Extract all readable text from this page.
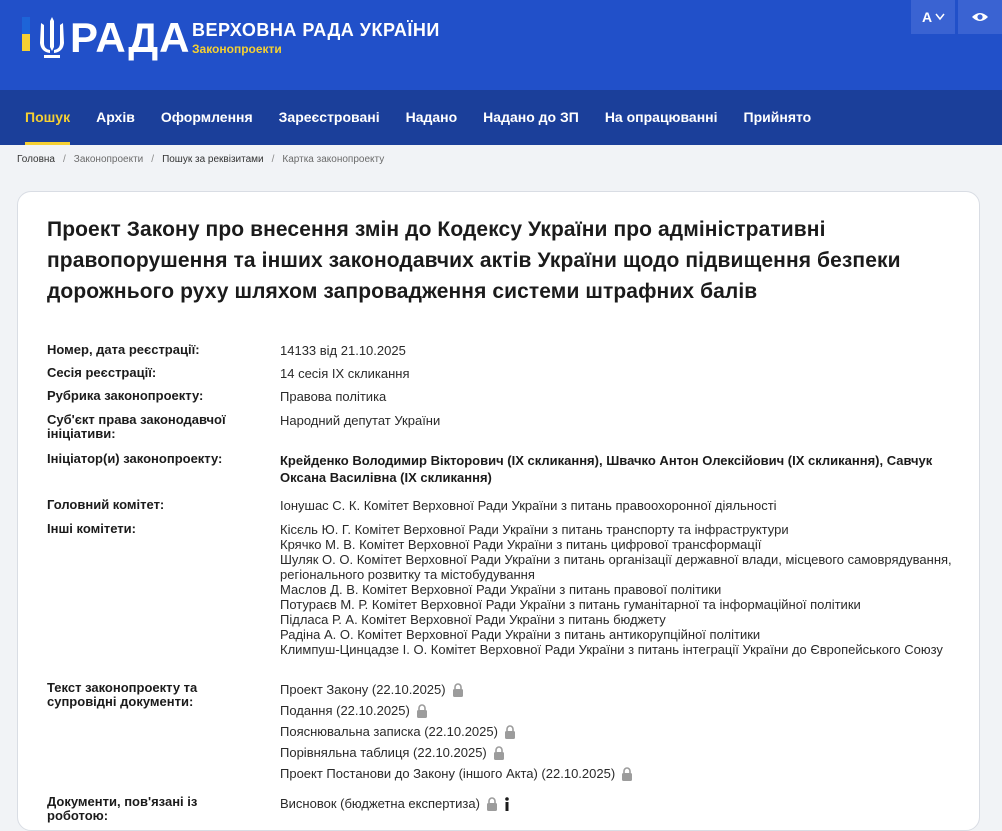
РАДА ВЕРХОВНА РАДА УКРАЇНИ
Законопроекти
A
Пошук	Архів	Оформлення	Зареєстровані	Надано	Надано до ЗП	На опрацюванні	Прийнято
Головна / Законопроекти / Пошук за реквізитами / Картка законопроекту
Проект Закону про внесення змін до Кодексу України про адміністративні правопорушення та інших законодавчих актів України щодо підвищення безпеки дорожнього руху шляхом запровадження системи штрафних балів
Номер, дата реєстрації:	14133 від 21.10.2025
Сесія реєстрації:	14 сесія IX скликання
Рубрика законопроекту:	Правова політика
Суб'єкт права законодавчої ініціативи:
Народний депутат України
Ініціатор(и) законопроекту:	Крейденко Володимир Вікторович (IX скликання), Швачко Антон Олексійович (IX скликання), Савчук Оксана Василівна (IX скликання)
Головний комітет:	Іонушас С. К. Комітет Верховної Ради України з питань правоохоронної діяльності
Інші комітети:	Кісєль Ю. Г. Комітет Верховної Ради України з питань транспорту та інфраструктури
Крячко М. В. Комітет Верховної Ради України з питань цифрової трансформації
Шуляк О. О. Комітет Верховної Ради України з питань організації державної влади, місцевого самоврядування, регіонального розвитку та містобудування
Маслов Д. В. Комітет Верховної Ради України з питань правової політики
Потураєв М. Р. Комітет Верховної Ради України з питань гуманітарної та інформаційної політики
Підласа Р. А. Комітет Верховної Ради України з питань бюджету
Радіна А. О. Комітет Верховної Ради України з питань антикорупційної політики
Климпуш-Цинцадзе І. О. Комітет Верховної Ради України з питань інтеграції України до Європейського Союзу
Текст законопроекту та супровідні документи:
Проект Закону (22.10.2025)
Подання (22.10.2025)
Пояснювальна записка (22.10.2025)
Порівняльна таблиця (22.10.2025)
Проект Постанови до Закону (іншого Акта) (22.10.2025)
Документи, пов'язані із роботою:
Висновок (бюджетна експертиза)
